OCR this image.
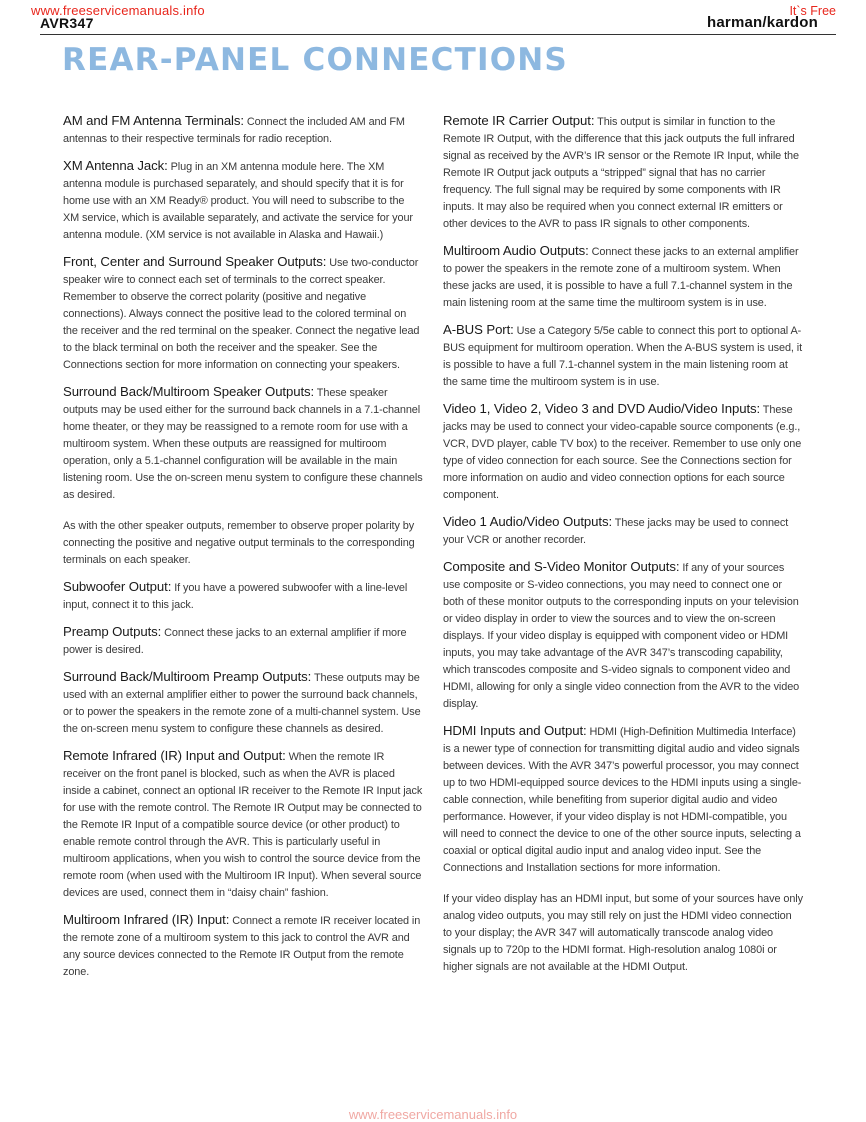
www.freeservicemanuals.info	It`s Free
AVR347	harman/kardon
REAR-PANEL CONNECTIONS

AM and FM Antenna Terminals: Connect the included AM and FM antennas to their respective terminals for radio reception.

XM Antenna Jack: Plug in an XM antenna module here. The XM antenna module is purchased separately, and should specify that it is for home use with an XM Ready® product. You will need to subscribe to the XM service, which is available separately, and activate the service for your antenna module. (XM service is not available in Alaska and Hawaii.)

Front, Center and Surround Speaker Outputs: Use two-conductor speaker wire to connect each set of terminals to the correct speaker. Remember to observe the correct polarity (positive and negative connections). Always connect the positive lead to the colored terminal on the receiver and the red terminal on the speaker. Connect the negative lead to the black terminal on both the receiver and the speaker. See the Connections section for more information on connecting your speakers.

Surround Back/Multiroom Speaker Outputs: These speaker outputs may be used either for the surround back channels in a 7.1-channel home theater, or they may be reassigned to a remote room for use with a multiroom system. When these outputs are reassigned for multiroom operation, only a 5.1-channel configuration will be available in the main listening room. Use the on-screen menu system to configure these channels as desired.

As with the other speaker outputs, remember to observe proper polarity by connecting the positive and negative output terminals to the corresponding terminals on each speaker.

Subwoofer Output: If you have a powered subwoofer with a line-level input, connect it to this jack.

Preamp Outputs: Connect these jacks to an external amplifier if more power is desired.

Surround Back/Multiroom Preamp Outputs: These outputs may be used with an external amplifier either to power the surround back channels, or to power the speakers in the remote zone of a multi-channel system. Use the on-screen menu system to configure these channels as desired.

Remote Infrared (IR) Input and Output: When the remote IR receiver on the front panel is blocked, such as when the AVR is placed inside a cabinet, connect an optional IR receiver to the Remote IR Input jack for use with the remote control. The Remote IR Output may be connected to the Remote IR Input of a compatible source device (or other product) to enable remote control through the AVR. This is particularly useful in multiroom applications, when you wish to control the source device from the remote room (when used with the Multiroom IR Input). When several source devices are used, connect them in “daisy chain” fashion.

Multiroom Infrared (IR) Input: Connect a remote IR receiver located in the remote zone of a multiroom system to this jack to control the AVR and any source devices connected to the Remote IR Output from the remote zone.

Remote IR Carrier Output: This output is similar in function to the Remote IR Output, with the difference that this jack outputs the full infrared signal as received by the AVR’s IR sensor or the Remote IR Input, while the Remote IR Output jack outputs a “stripped” signal that has no carrier frequency. The full signal may be required by some components with IR inputs. It may also be required when you connect external IR emitters or other devices to the AVR to pass IR signals to other components.

Multiroom Audio Outputs: Connect these jacks to an external amplifier to power the speakers in the remote zone of a multiroom system. When these jacks are used, it is possible to have a full 7.1-channel system in the main listening room at the same time the multiroom system is in use.

A-BUS Port: Use a Category 5/5e cable to connect this port to optional A-BUS equipment for multiroom operation. When the A-BUS system is used, it is possible to have a full 7.1-channel system in the main listening room at the same time the multiroom system is in use.

Video 1, Video 2, Video 3 and DVD Audio/Video Inputs: These jacks may be used to connect your video-capable source components (e.g., VCR, DVD player, cable TV box) to the receiver. Remember to use only one type of video connection for each source. See the Connections section for more information on audio and video connection options for each source component.

Video 1 Audio/Video Outputs: These jacks may be used to connect your VCR or another recorder.

Composite and S-Video Monitor Outputs: If any of your sources use composite or S-video connections, you may need to connect one or both of these monitor outputs to the corresponding inputs on your television or video display in order to view the sources and to view the on-screen displays. If your video display is equipped with component video or HDMI inputs, you may take advantage of the AVR 347’s transcoding capability, which transcodes composite and S-video signals to component video and HDMI, allowing for only a single video connection from the AVR to the video display.

HDMI Inputs and Output: HDMI (High-Definition Multimedia Interface) is a newer type of connection for transmitting digital audio and video signals between devices. With the AVR 347’s powerful processor, you may connect up to two HDMI-equipped source devices to the HDMI inputs using a single-cable connection, while benefiting from superior digital audio and video performance. However, if your video display is not HDMI-compatible, you will need to connect the device to one of the other source inputs, selecting a coaxial or optical digital audio input and analog video input. See the Connections and Installation sections for more information.

If your video display has an HDMI input, but some of your sources have only analog video outputs, you may still rely on just the HDMI video connection to your display; the AVR 347 will automatically transcode analog video signals up to 720p to the HDMI format. High-resolution analog 1080i or higher signals are not available at the HDMI Output.

www.freeservicemanuals.info
